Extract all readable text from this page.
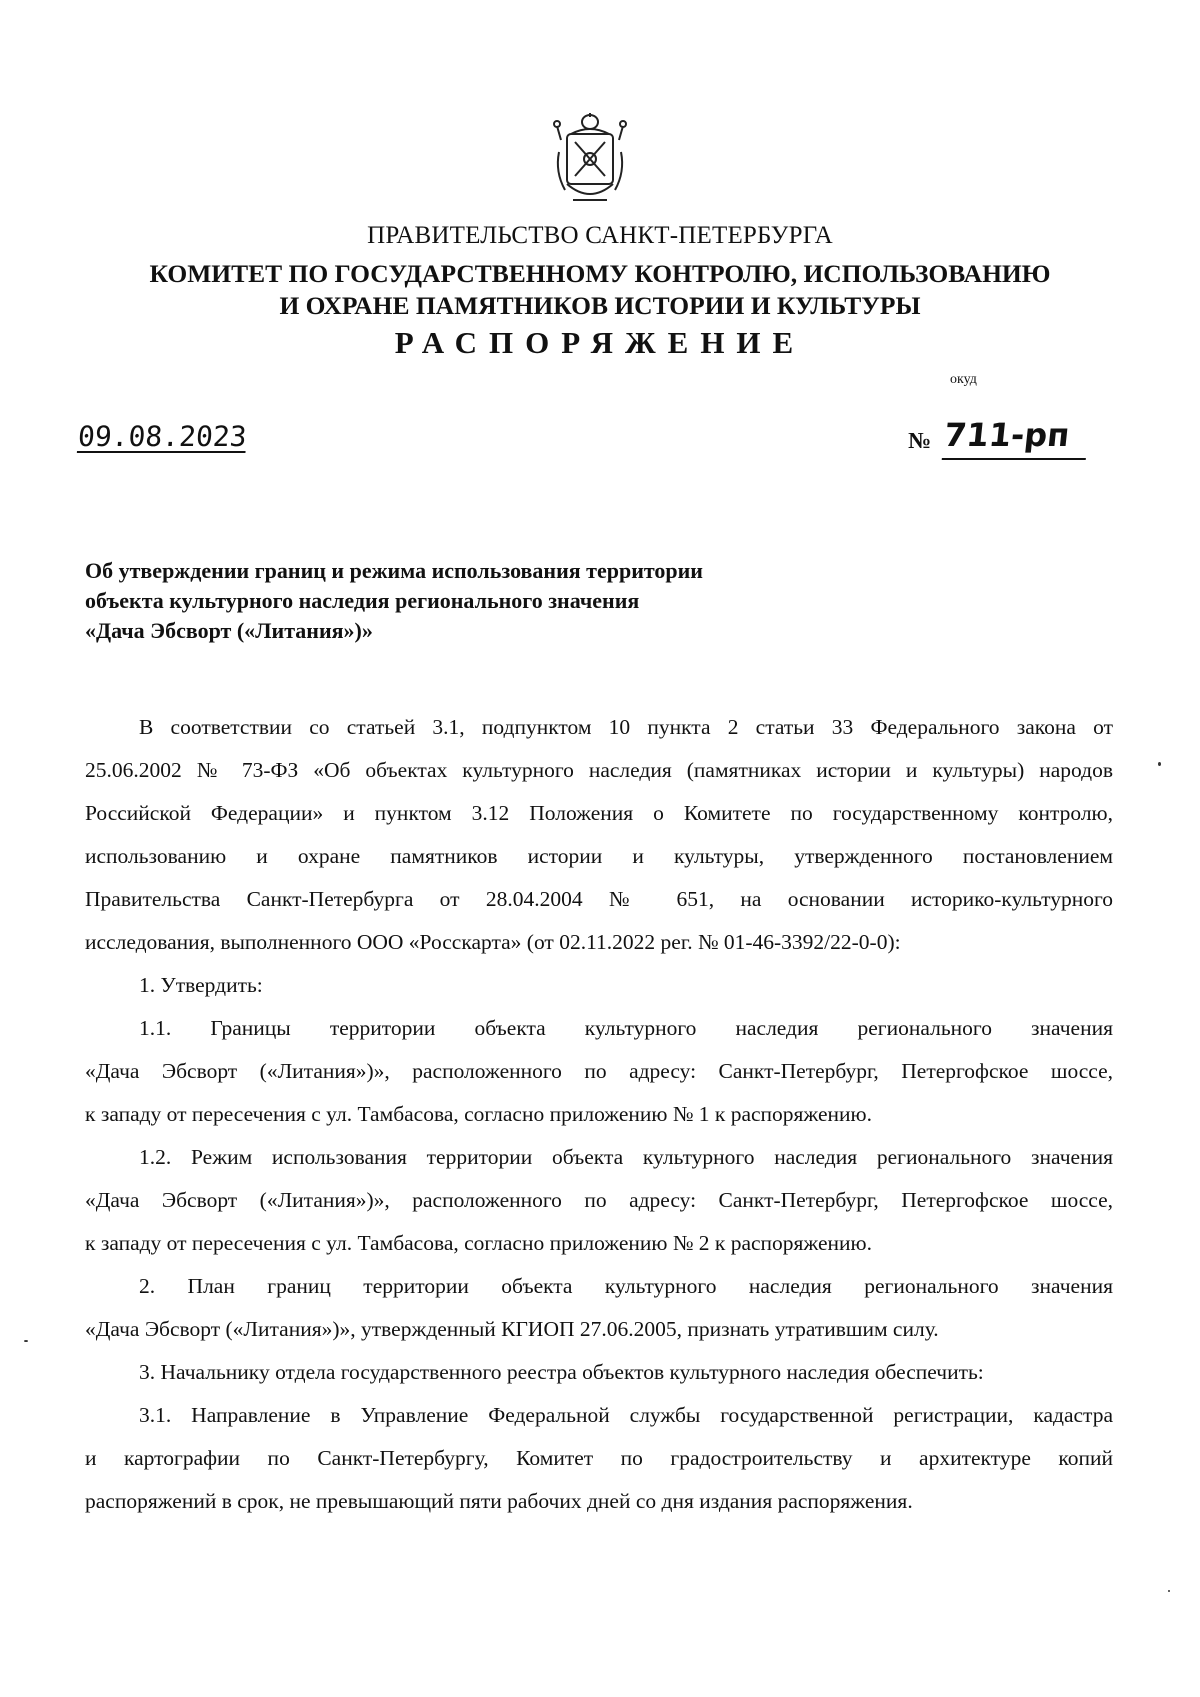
ПРАВИТЕЛЬСТВО САНКТ-ПЕТЕРБУРГА
КОМИТЕТ ПО ГОСУДАРСТВЕННОМУ КОНТРОЛЮ, ИСПОЛЬЗОВАНИЮ
И ОХРАНЕ ПАМЯТНИКОВ ИСТОРИИ И КУЛЬТУРЫ
РАСПОРЯЖЕНИЕ
окуд
09.08.2023	№ 711-рп
Об утверждении границ и режима использования территории
объекта культурного наследия регионального значения
«Дача Эбсворт («Литания»)»
В соответствии со статьей 3.1, подпунктом 10 пункта 2 статьи 33 Федерального закона от
25.06.2002 № 73-ФЗ «Об объектах культурного наследия (памятниках истории и культуры) народов
Российской Федерации» и пунктом 3.12 Положения о Комитете по государственному контролю,
использованию и охране памятников истории и культуры, утвержденного постановлением
Правительства Санкт-Петербурга от 28.04.2004 № 651, на основании историко-культурного
исследования, выполненного ООО «Росскарта» (от 02.11.2022 рег. № 01-46-3392/22-0-0):
1. Утвердить:
1.1. Границы территории объекта культурного наследия регионального значения
«Дача Эбсворт («Литания»)», расположенного по адресу: Санкт-Петербург, Петергофское шоссе,
к западу от пересечения с ул. Тамбасова, согласно приложению № 1 к распоряжению.
1.2. Режим использования территории объекта культурного наследия регионального значения
«Дача Эбсворт («Литания»)», расположенного по адресу: Санкт-Петербург, Петергофское шоссе,
к западу от пересечения с ул. Тамбасова, согласно приложению № 2 к распоряжению.
2. План границ территории объекта культурного наследия регионального значения
«Дача Эбсворт («Литания»)», утвержденный КГИОП 27.06.2005, признать утратившим силу.
3. Начальнику отдела государственного реестра объектов культурного наследия обеспечить:
3.1. Направление в Управление Федеральной службы государственной регистрации, кадастра
и картографии по Санкт-Петербургу, Комитет по градостроительству и архитектуре копий
распоряжений в срок, не превышающий пяти рабочих дней со дня издания распоряжения.
